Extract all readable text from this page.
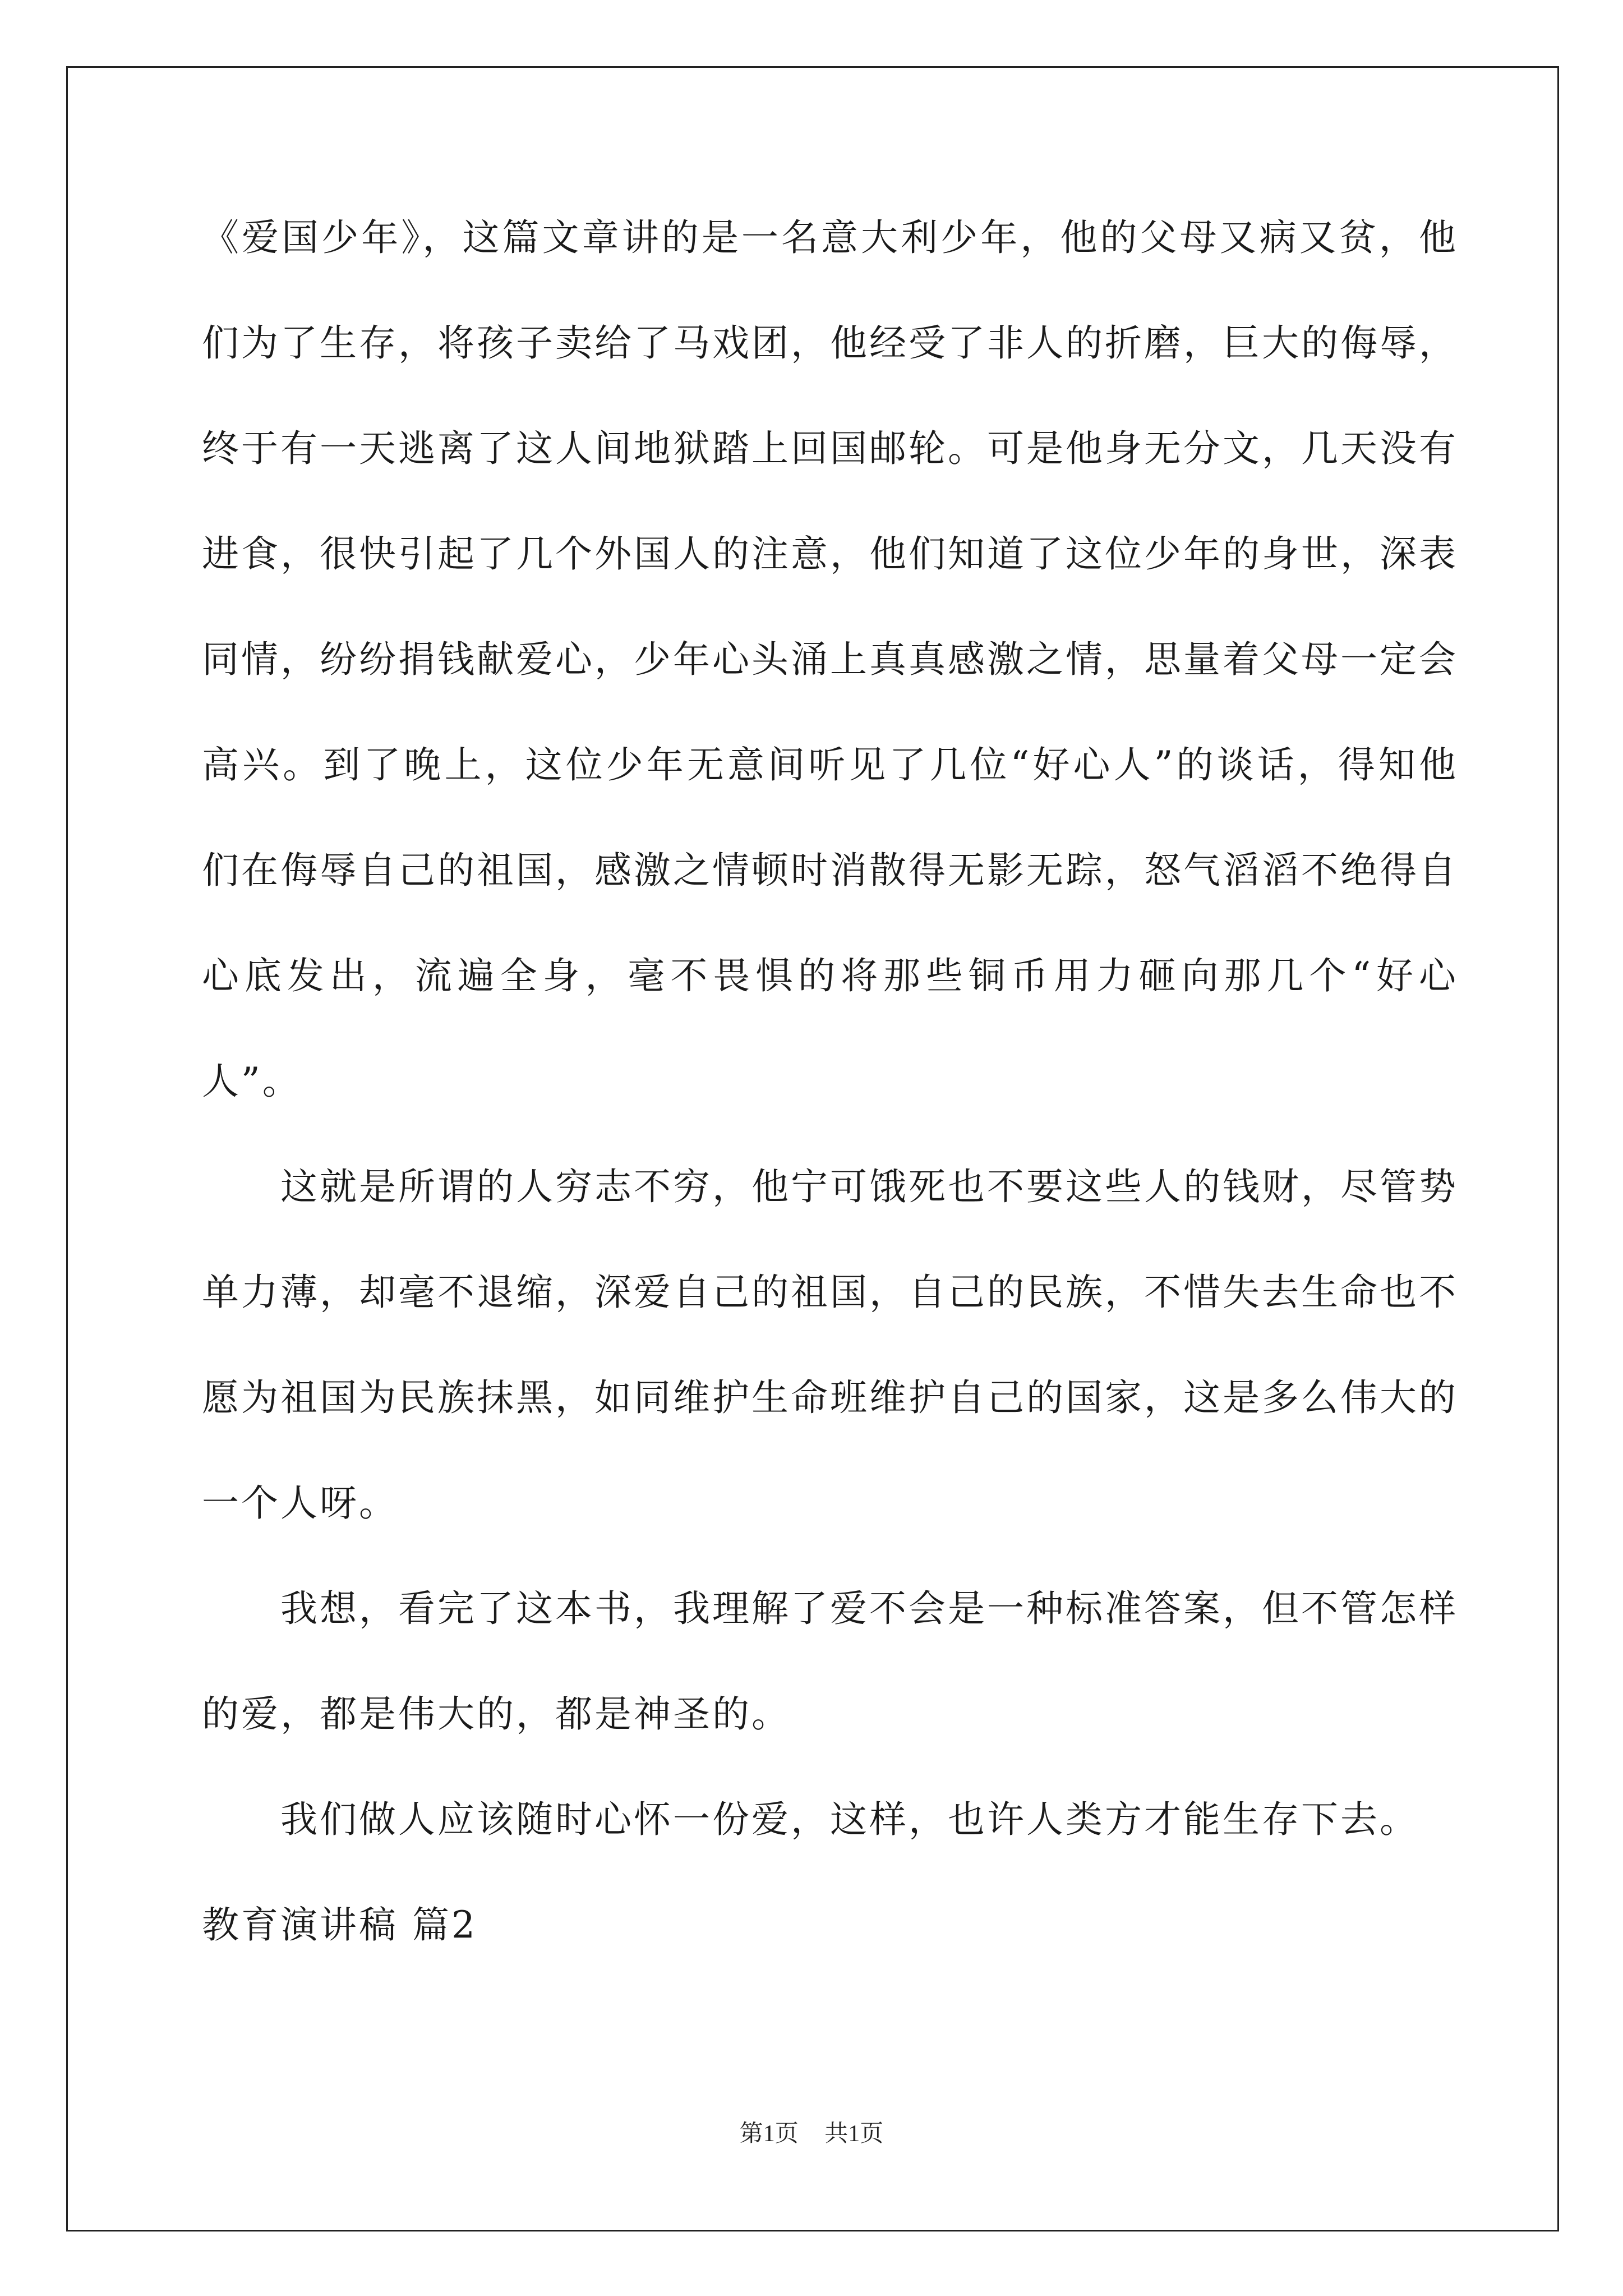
《爱国少年》，这篇文章讲的是一名意大利少年，他的父母又病又贫，他们为了生存，将孩子卖给了马戏团，他经受了非人的折磨，巨大的侮辱，终于有一天逃离了这人间地狱踏上回国邮轮。可是他身无分文，几天没有进食，很快引起了几个外国人的注意，他们知道了这位少年的身世，深表同情，纷纷捐钱献爱心，少年心头涌上真真感激之情，思量着父母一定会高兴。到了晚上，这位少年无意间听见了几位“好心人”的谈话，得知他们在侮辱自己的祖国，感激之情顿时消散得无影无踪，怒气滔滔不绝得自心底发出，流遍全身，毫不畏惧的将那些铜币用力砸向那几个“好心人”。

这就是所谓的人穷志不穷，他宁可饿死也不要这些人的钱财，尽管势单力薄，却毫不退缩，深爱自己的祖国，自己的民族，不惜失去生命也不愿为祖国为民族抹黑，如同维护生命班维护自己的国家，这是多么伟大的一个人呀。

我想，看完了这本书，我理解了爱不会是一种标准答案，但不管怎样的爱，都是伟大的，都是神圣的。

我们做人应该随时心怀一份爱，这样，也许人类方才能生存下去。

教育演讲稿 篇2

第1页 共1页
